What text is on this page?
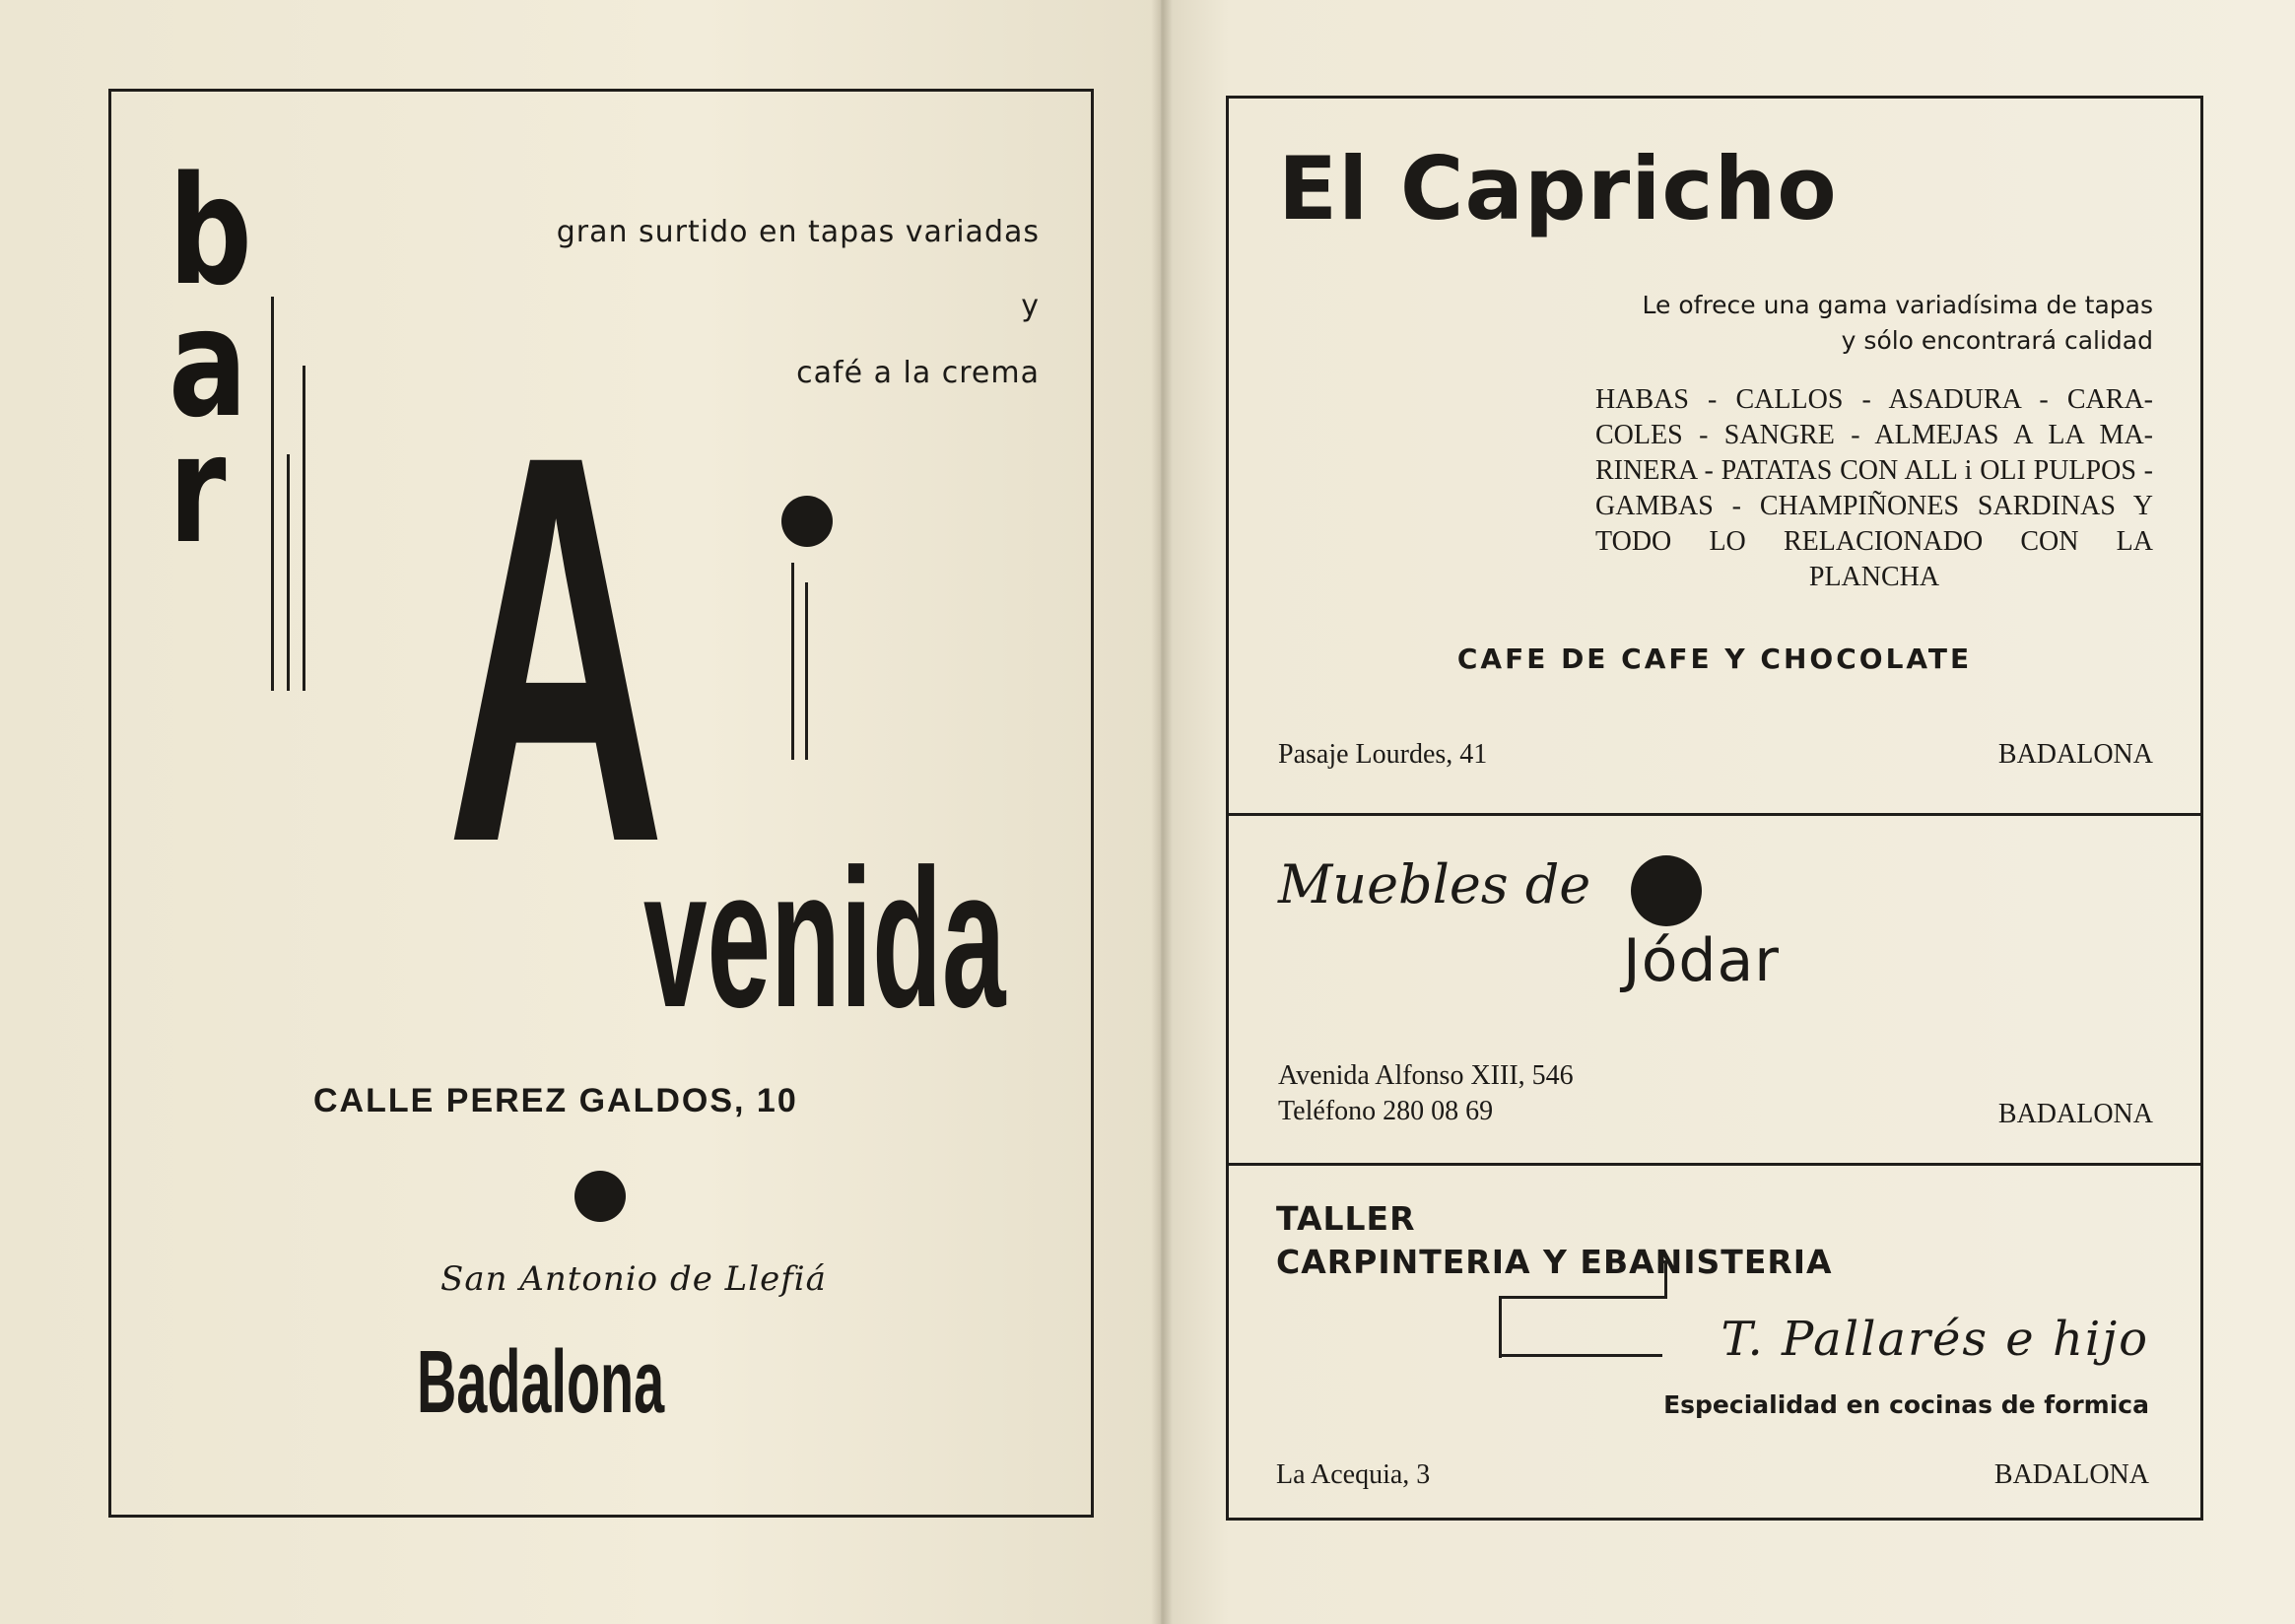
b
a
r
gran surtido en tapas variadas
y
café a la crema
A
venida
CALLE PEREZ GALDOS, 10
San Antonio de Llefiá
Badalona
El Capricho
Le ofrece una gama variadísima de tapas
y sólo encontrará calidad
HABAS - CALLOS - ASADURA - CARA- COLES - SANGRE - ALMEJAS A LA MA- RINERA - PATATAS CON ALL i OLI PULPOS - GAMBAS - CHAMPIÑONES SARDINAS Y TODO LO RELACIONADO CON LA PLANCHA
CAFE DE CAFE Y CHOCOLATE
Pasaje Lourdes, 41	BADALONA
Muebles de
Jódar
Avenida Alfonso XIII, 546
Teléfono 280 08 69	BADALONA
TALLER
CARPINTERIA Y EBANISTERIA
T. Pallarés e hijo
Especialidad en cocinas de formica
La Acequia, 3	BADALONA
